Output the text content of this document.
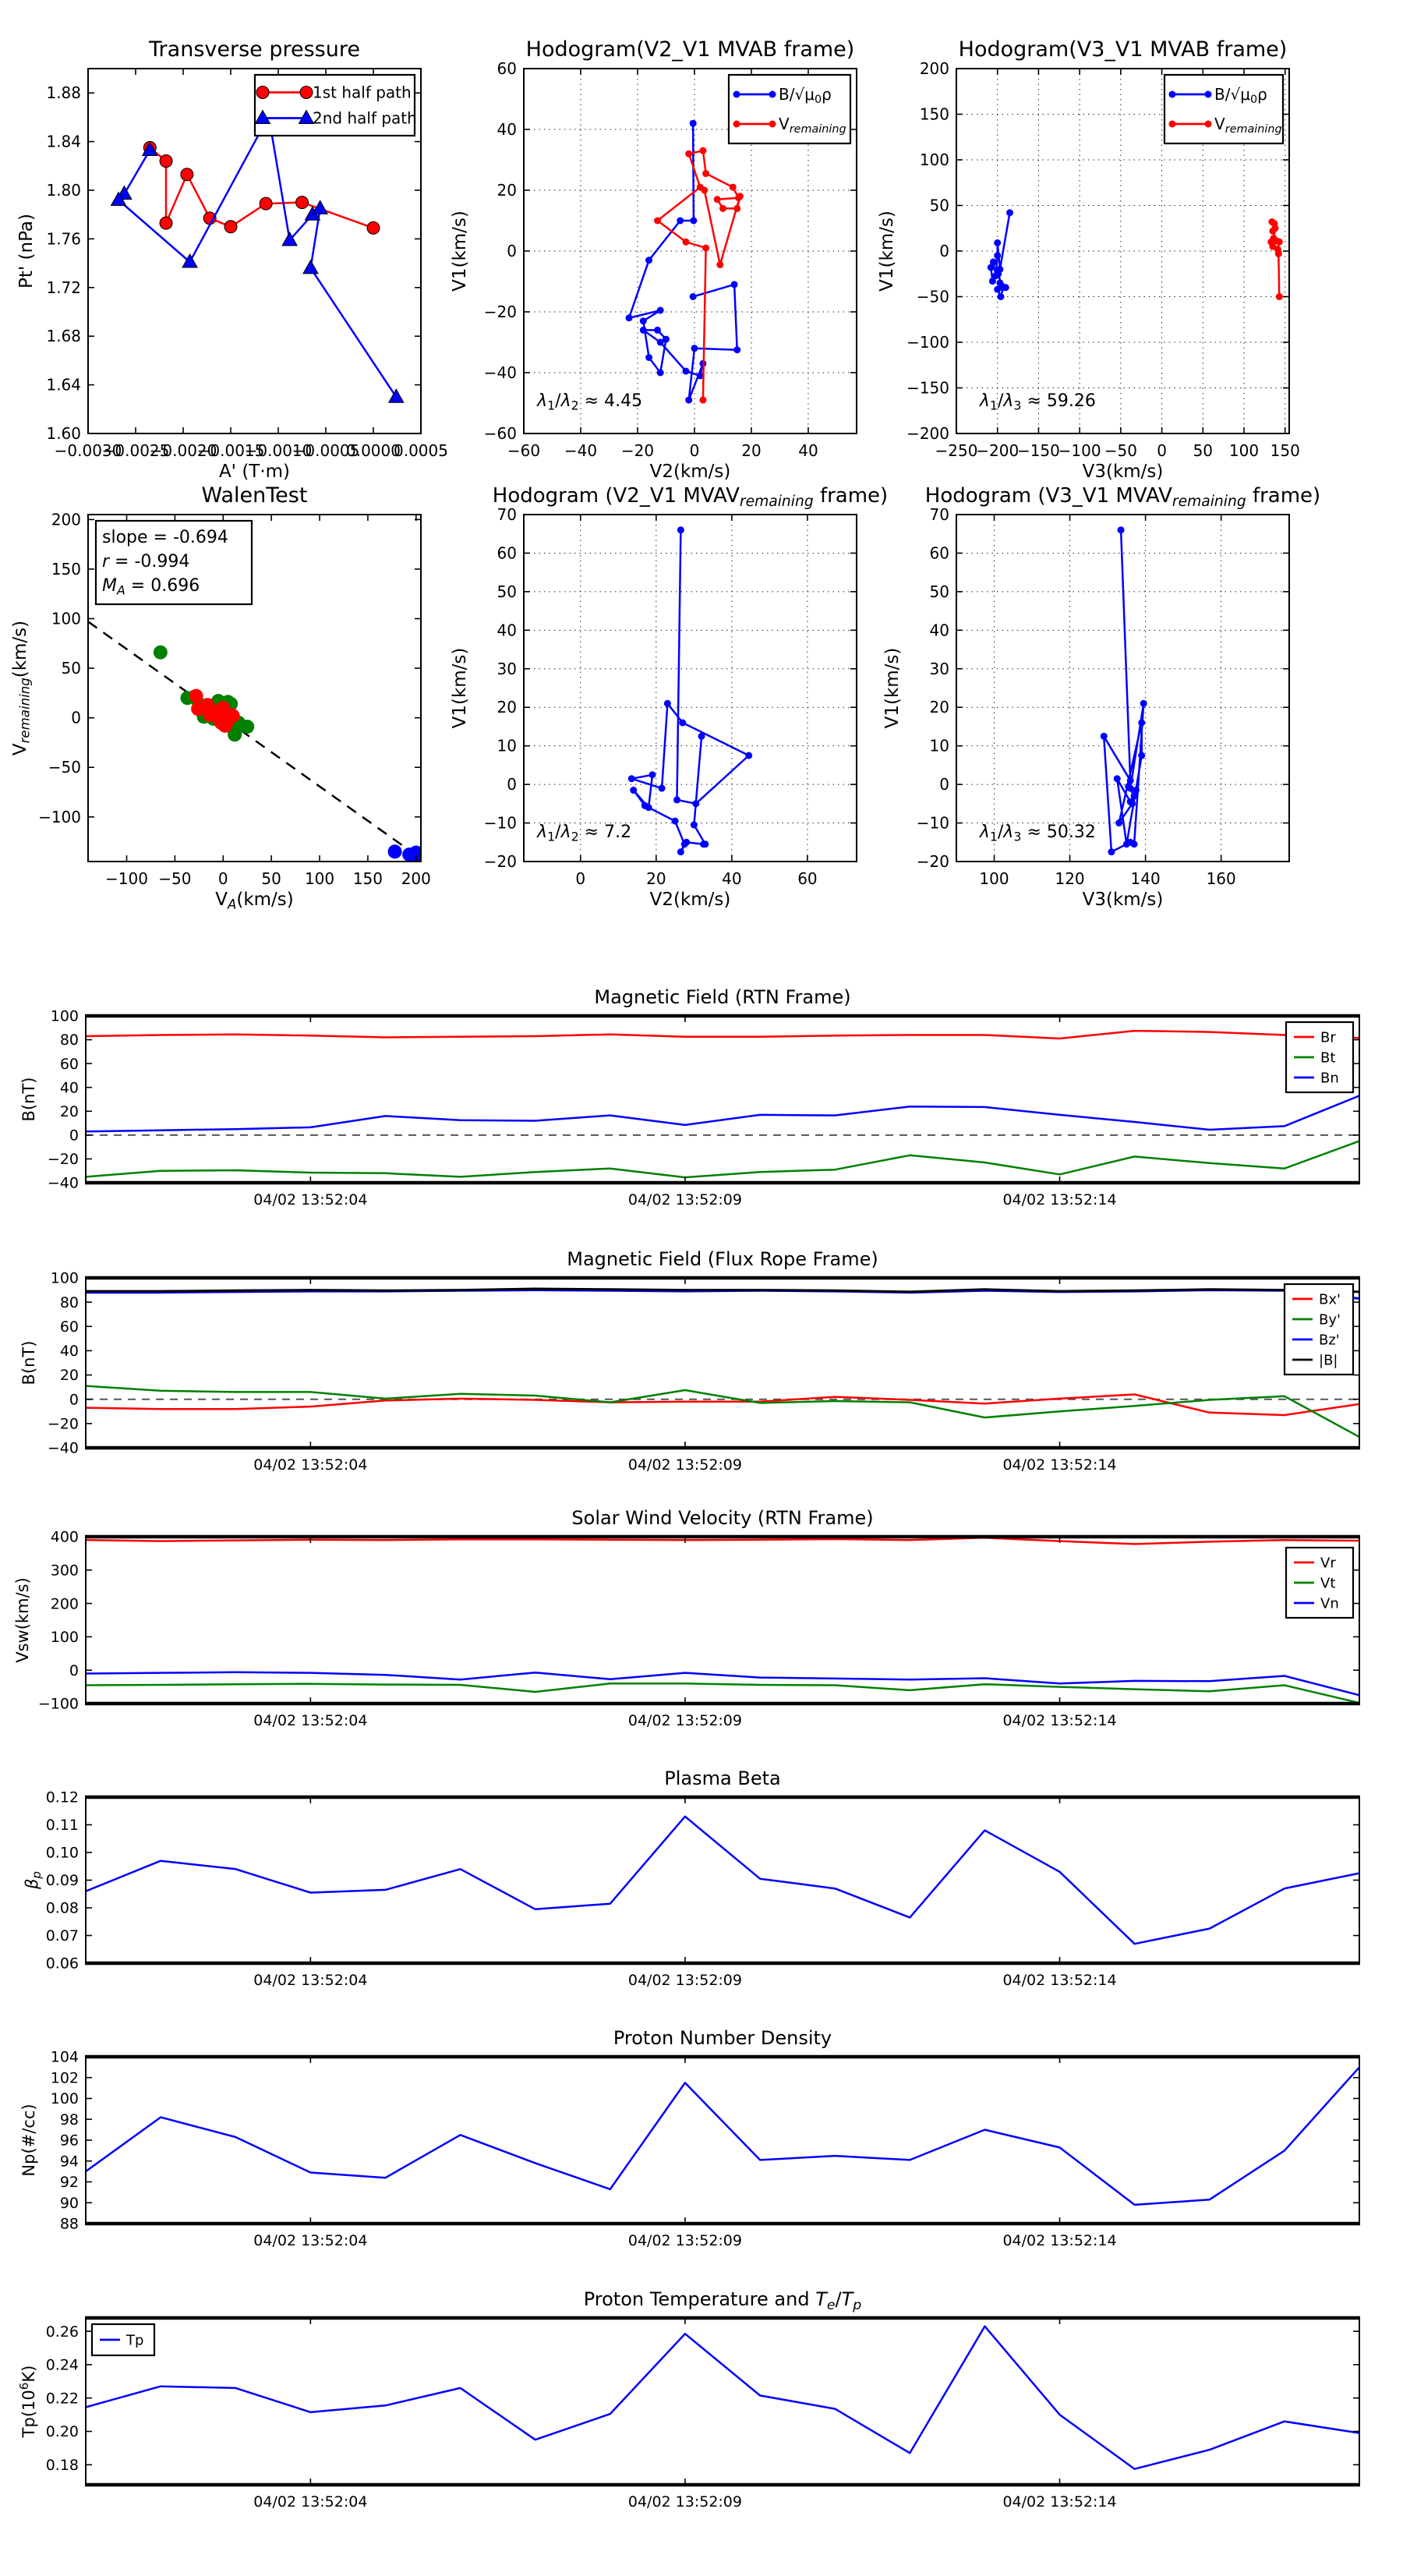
−0.0030
−0.0025
−0.0020
−0.0015
−0.0010
−0.0005
0.0000
0.0005
1.60
1.64
1.68
1.72
1.76
1.80
1.84
1.88
Transverse pressure
A' (T·m)
Pt' (nPa)
1st half path
2nd half path
−60 −40 −20 0	20 40
−60
−40
−20
0
20
40
60
Hodogram(V2_V1 MVAB frame)
V2(km/s)
V1(km/s)
$B/√\mu_0\rho$
$V_{remaining}$
$\lambda_1/\lambda_2 \approx 4.45$
−250
−200
−150
−100 −50 0 50 100 150
−200
−150
−100
−50
0
50
100
150
200
Hodogram(V3_V1 MVAB frame)
V3(km/s)
V1(km/s)
$B/√\mu_0\rho$
$V_{remaining}$
$\lambda_1/\lambda_3 \approx 59.26$
−100 −50 0 50 100 150 200
−100
−50
0
50
100
150
200
WalenTest
VA(km/s)
Vremaining(km/s)
slope = -0.694
r = -0.994
$M_A = 0.696$
0	20	40	60
−20
−10
0
10
20
30
40
50
60
70
Hodogram (V2_V1 $MVAV_{remaining}$ frame)
V2(km/s)
V1(km/s)
$\lambda_1/\lambda_2 \approx 7.2$
100	120	140	160
−20
−10
0
10
20
30
40
50
60
70
Hodogram (V3_V1 $MVAV_{remaining}$ frame)
V3(km/s)
V1(km/s)
$\lambda_1/\lambda_3 \approx 50.32$
04/02 13:52:04	04/02 13:52:09	04/02 13:52:14
−40
−20
0
20
40
60
80
100
Magnetic Field (RTN Frame)
B(nT)
Br
Bt
Bn
04/02 13:52:04	04/02 13:52:09	04/02 13:52:14
−40
−20
0
20
40
60
80
100
Magnetic Field (Flux Rope Frame)
B(nT)
Bx'
By'
Bz'
|B|
04/02 13:52:04	04/02 13:52:09	04/02 13:52:14
−100
0
100
200
300
400
Solar Wind Velocity (RTN Frame)
Vsw(km/s)
Vr
Vt
Vn
04/02 13:52:04	04/02 13:52:09	04/02 13:52:14
0.06
0.07
0.08
0.09
0.10
0.11
0.12
Plasma Beta
$\beta_p$
04/02 13:52:04	04/02 13:52:09	04/02 13:52:14
88
90
92
94
96
98
100
102
104
Proton Number Density
Np(#/cc)
04/02 13:52:04	04/02 13:52:09	04/02 13:52:14
0.18
0.20
0.22
0.24
0.26
Proton Temperature and Te/Tp
$Tp(10^6K)$
Tp
